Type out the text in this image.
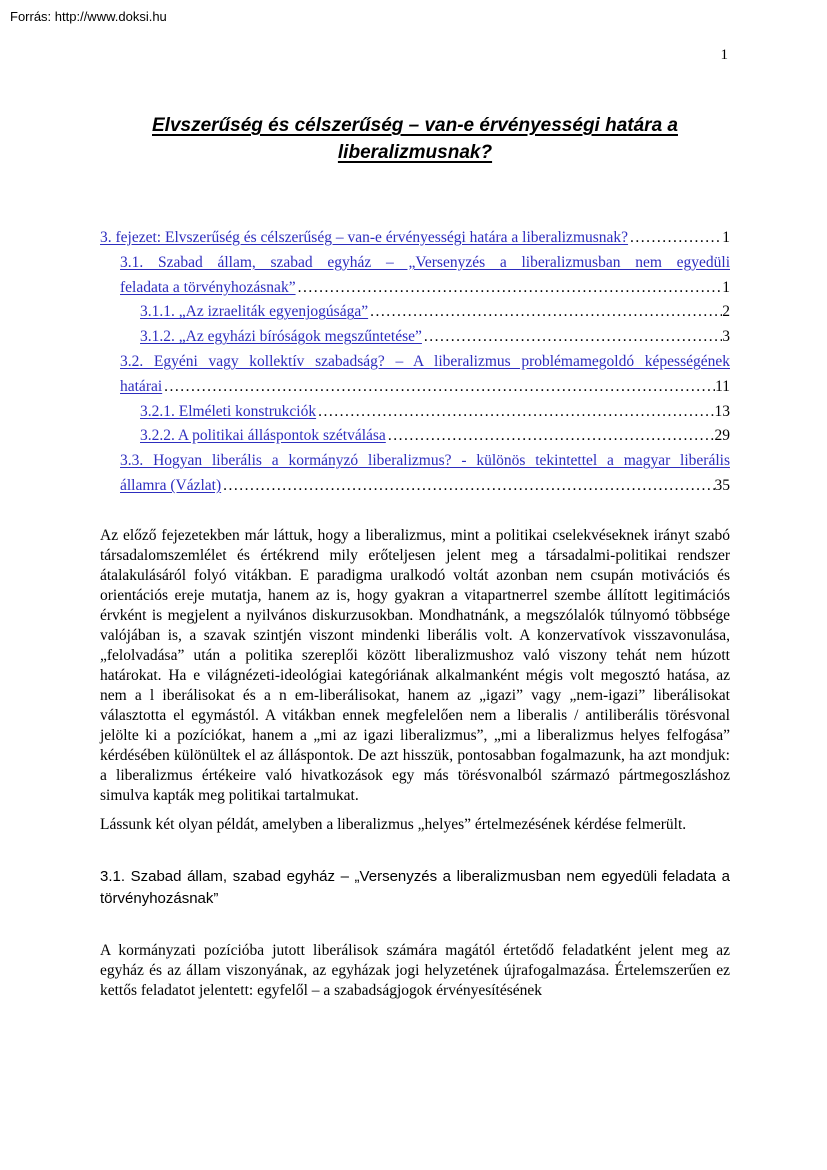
Forrás: http://www.doksi.hu
1
Elvszerűség és célszerűség – van-e érvényességi határa a liberalizmusnak?
3. fejezet: Elvszerűség és célszerűség – van-e érvényességi határa a liberalizmusnak? .....	1
3.1. Szabad állam, szabad egyház – „Versenyzés a liberalizmusban nem egyedüli
feladata a törvényhozásnak” .....	1
3.1.1. „Az izraeliták egyenjogúsága” .....	2
3.1.2. „Az egyházi bíróságok megszűntetése” .....	3
3.2. Egyéni vagy kollektív szabadság? – A liberalizmus problémamegoldó képességének
határai .....	11
3.2.1. Elméleti konstrukciók .....	13
3.2.2. A politikai álláspontok szétválása .....	29
3.3. Hogyan liberális a kormányzó liberalizmus? - különös tekintettel a magyar liberális
államra (Vázlat) .....	35

Az előző fejezetekben már láttuk, hogy a liberalizmus, mint a politikai cselekvéseknek irányt szabó társadalomszemlélet és értékrend mily erőteljesen jelent meg a társadalmi-politikai rendszer átalakulásáról folyó vitákban. E paradigma uralkodó voltát azonban nem csupán motivációs és orientációs ereje mutatja, hanem az is, hogy gyakran a vitapartnerrel szembe állított legitimációs érvként is megjelent a nyilvános diskurzusokban. Mondhatnánk, a megszólalók túlnyomó többsége valójában is, a szavak szintjén viszont mindenki liberális volt. A konzervatívok visszavonulása, „felolvadása” után a politika szereplői között liberalizmushoz való viszony tehát nem húzott határokat. Ha e világnézeti-ideológiai kategóriának alkalmanként mégis volt megosztó hatása, az nem a l iberálisokat és a n em-liberálisokat, hanem az „igazi” vagy „nem-igazi” liberálisokat választotta el egymástól. A vitákban ennek megfelelően nem a liberalis / antiliberális törésvonal jelölte ki a pozíciókat, hanem a „mi az igazi liberalizmus”, „mi a liberalizmus helyes felfogása” kérdésében különültek el az álláspontok. De azt hisszük, pontosabban fogalmazunk, ha azt mondjuk: a liberalizmus értékeire való hivatkozások egy más törésvonalból származó pártmegoszláshoz simulva kapták meg politikai tartalmukat.

Lássunk két olyan példát, amelyben a liberalizmus „helyes” értelmezésének kérdése felmerült.

3.1. Szabad állam, szabad egyház – „Versenyzés a liberalizmusban nem egyedüli feladata a törvényhozásnak”

A kormányzati pozícióba jutott liberálisok számára magától értetődő feladatként jelent meg az egyház és az állam viszonyának, az egyházak jogi helyzetének újrafogalmazása. Értelemszerűen ez kettős feladatot jelentett: egyfelől – a szabadságjogok érvényesítésének
